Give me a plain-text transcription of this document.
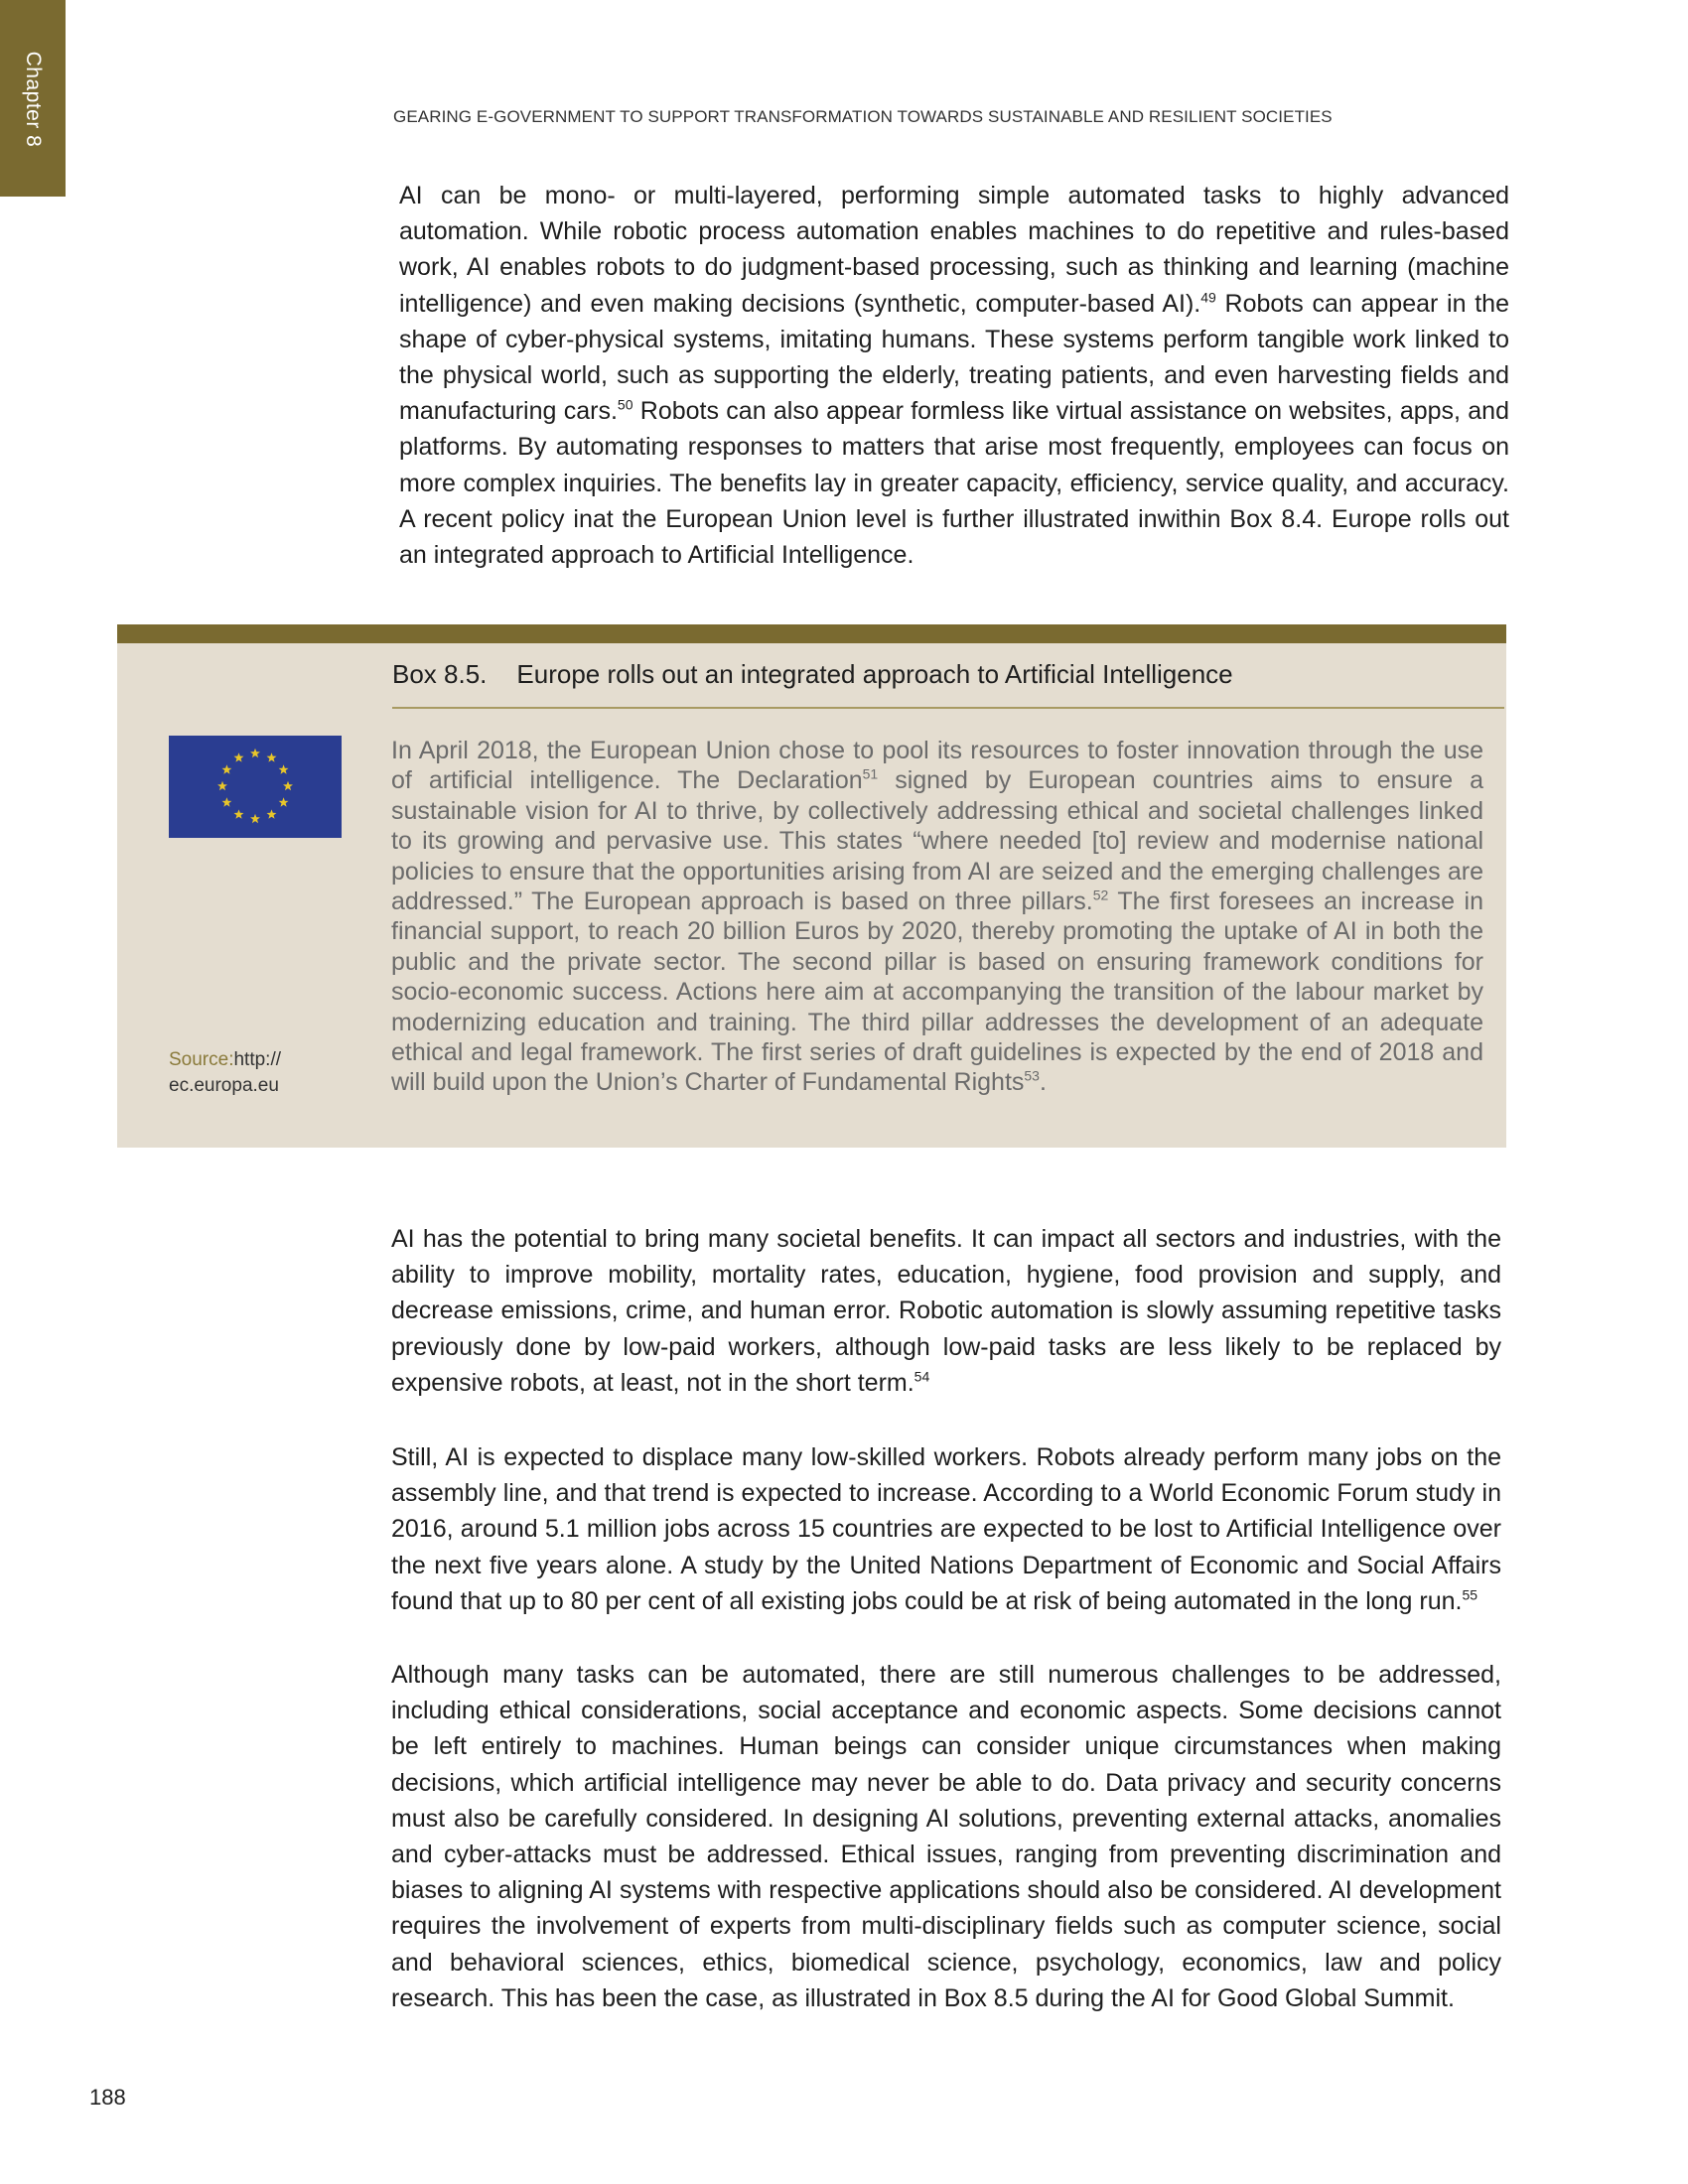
Chapter 8	GEARING E-GOVERNMENT TO SUPPORT TRANSFORMATION TOWARDS SUSTAINABLE AND RESILIENT SOCIETIES

AI can be mono- or multi-layered, performing simple automated tasks to highly advanced automation. While robotic process automation enables machines to do repetitive and rules-based work, AI enables robots to do judgment-based processing, such as thinking and learning (machine intelligence) and even making decisions (synthetic, computer-based AI).$^{49}$ Robots can appear in the shape of cyber-physical systems, imitating humans. These systems perform tangible work linked to the physical world, such as supporting the elderly, treating patients, and even harvesting fields and manufacturing cars.$^{50}$ Robots can also appear formless like virtual assistance on websites, apps, and platforms. By automating responses to matters that arise most frequently, employees can focus on more complex inquiries. The benefits lay in greater capacity, efficiency, service quality, and accuracy. A recent policy inat the European Union level is further illustrated inwithin Box 8.4. Europe rolls out an integrated approach to Artificial Intelligence.

Box 8.5. Europe rolls out an integrated approach to Artificial Intelligence

In April 2018, the European Union chose to pool its resources to foster innovation through the use of artificial intelligence. The Declaration$^{51}$ signed by European countries aims to ensure a sustainable vision for AI to thrive, by collectively addressing ethical and societal challenges linked to its growing and pervasive use. This states “where needed [to] review and modernise national policies to ensure that the opportunities arising from AI are seized and the emerging challenges are addressed.” The European approach is based on three pillars.$^{52}$ The first foresees an increase in financial support, to reach 20 billion Euros by 2020, thereby promoting the uptake of AI in both the public and the private sector. The second pillar is based on ensuring framework conditions for socio-economic success. Actions here aim at accompanying the transition of the labour market by modernizing education and training. The third pillar addresses the development of an adequate ethical and legal framework. The first series of draft guidelines is expected by the end of 2018 and will build upon the Union’s Charter of Fundamental Rights$^{53}$.

Source:http:// ec.europa.eu

AI has the potential to bring many societal benefits. It can impact all sectors and industries, with the ability to improve mobility, mortality rates, education, hygiene, food provision and supply, and decrease emissions, crime, and human error. Robotic automation is slowly assuming repetitive tasks previously done by low-paid workers, although low-paid tasks are less likely to be replaced by expensive robots, at least, not in the short term.$^{54}$

Still, AI is expected to displace many low-skilled workers. Robots already perform many jobs on the assembly line, and that trend is expected to increase. According to a World Economic Forum study in 2016, around 5.1 million jobs across 15 countries are expected to be lost to Artificial Intelligence over the next five years alone. A study by the United Nations Department of Economic and Social Affairs found that up to 80 per cent of all existing jobs could be at risk of being automated in the long run.$^{55}$

Although many tasks can be automated, there are still numerous challenges to be addressed, including ethical considerations, social acceptance and economic aspects. Some decisions cannot be left entirely to machines. Human beings can consider unique circumstances when making decisions, which artificial intelligence may never be able to do. Data privacy and security concerns must also be carefully considered. In designing AI solutions, preventing external attacks, anomalies and cyber-attacks must be addressed. Ethical issues, ranging from preventing discrimination and biases to aligning AI systems with respective applications should also be considered. AI development requires the involvement of experts from multi-disciplinary fields such as computer science, social and behavioral sciences, ethics, biomedical science, psychology, economics, law and policy research. This has been the case, as illustrated in Box 8.5 during the AI for Good Global Summit.

188
